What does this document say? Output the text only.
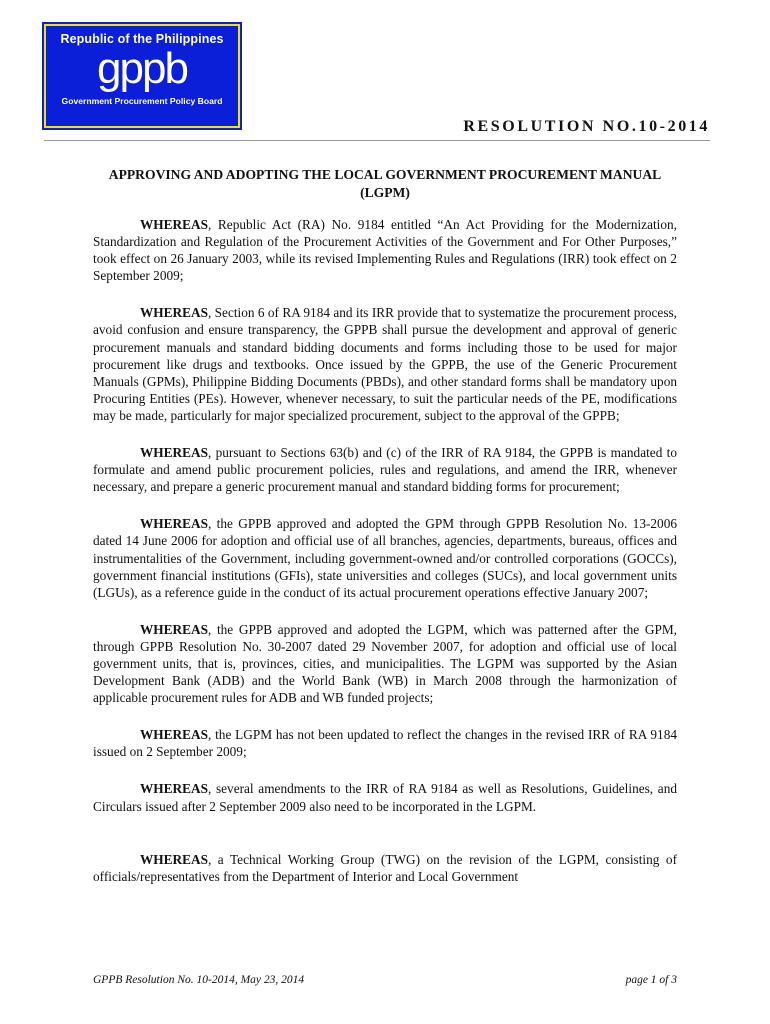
Republic of the Philippines
gppb
Government Procurement Policy Board
RESOLUTION NO.10-2014
APPROVING AND ADOPTING THE LOCAL GOVERNMENT PROCUREMENT MANUAL (LGPM)

WHEREAS, Republic Act (RA) No. 9184 entitled “An Act Providing for the Modernization, Standardization and Regulation of the Procurement Activities of the Government and For Other Purposes,” took effect on 26 January 2003, while its revised Implementing Rules and Regulations (IRR) took effect on 2 September 2009;

WHEREAS, Section 6 of RA 9184 and its IRR provide that to systematize the procurement process, avoid confusion and ensure transparency, the GPPB shall pursue the development and approval of generic procurement manuals and standard bidding documents and forms including those to be used for major procurement like drugs and textbooks. Once issued by the GPPB, the use of the Generic Procurement Manuals (GPMs), Philippine Bidding Documents (PBDs), and other standard forms shall be mandatory upon Procuring Entities (PEs). However, whenever necessary, to suit the particular needs of the PE, modifications may be made, particularly for major specialized procurement, subject to the approval of the GPPB;

WHEREAS, pursuant to Sections 63(b) and (c) of the IRR of RA 9184, the GPPB is mandated to formulate and amend public procurement policies, rules and regulations, and amend the IRR, whenever necessary, and prepare a generic procurement manual and standard bidding forms for procurement;

WHEREAS, the GPPB approved and adopted the GPM through GPPB Resolution No. 13-2006 dated 14 June 2006 for adoption and official use of all branches, agencies, departments, bureaus, offices and instrumentalities of the Government, including government-owned and/or controlled corporations (GOCCs), government financial institutions (GFIs), state universities and colleges (SUCs), and local government units (LGUs), as a reference guide in the conduct of its actual procurement operations effective January 2007;

WHEREAS, the GPPB approved and adopted the LGPM, which was patterned after the GPM, through GPPB Resolution No. 30-2007 dated 29 November 2007, for adoption and official use of local government units, that is, provinces, cities, and municipalities. The LGPM was supported by the Asian Development Bank (ADB) and the World Bank (WB) in March 2008 through the harmonization of applicable procurement rules for ADB and WB funded projects;

WHEREAS, the LGPM has not been updated to reflect the changes in the revised IRR of RA 9184 issued on 2 September 2009;

WHEREAS, several amendments to the IRR of RA 9184 as well as Resolutions, Guidelines, and Circulars issued after 2 September 2009 also need to be incorporated in the LGPM.

WHEREAS, a Technical Working Group (TWG) on the revision of the LGPM, consisting of officials/representatives from the Department of Interior and Local Government

GPPB Resolution No. 10-2014, May 23, 2014	page 1 of 3
